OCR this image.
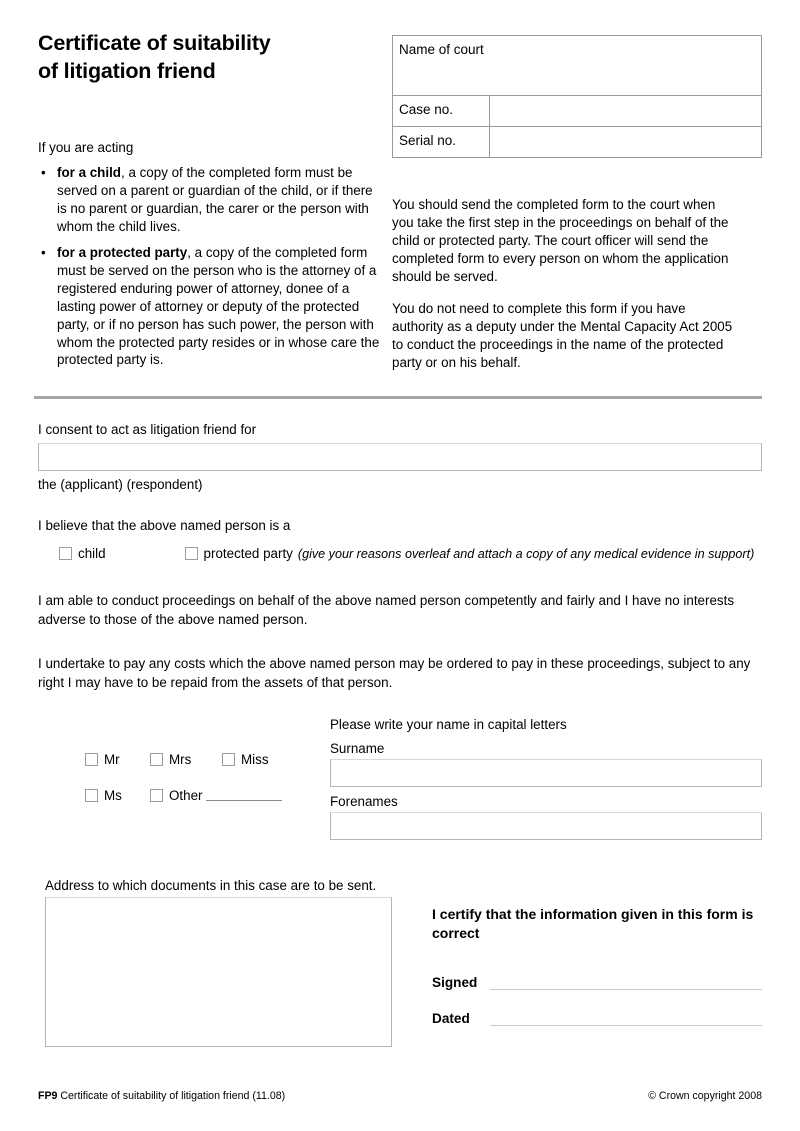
Certificate of suitability
of litigation friend
Name of court
Case no.
Serial no.

If you are acting

• for a child, a copy of the completed form must be served on a parent or guardian of the child, or if there is no parent or guardian, the carer or the person with whom the child lives.
• for a protected party, a copy of the completed form must be served on the person who is the attorney of a registered enduring power of attorney, donee of a lasting power of attorney or deputy of the protected party, or if no person has such power, the person with whom the protected party resides or in whose care the protected party is.

You should send the completed form to the court when you take the first step in the proceedings on behalf of the child or protected party. The court officer will send the completed form to every person on whom the application should be served.

You do not need to complete this form if you have authority as a deputy under the Mental Capacity Act 2005 to conduct the proceedings in the name of the protected party or on his behalf.

I consent to act as litigation friend for
the (applicant) (respondent)
I believe that the above named person is a
child	protected party (give your reasons overleaf and attach a copy of any medical evidence in support)
I am able to conduct proceedings on behalf of the above named person competently and fairly and I have no interests adverse to those of the above named person.
I undertake to pay any costs which the above named person may be ordered to pay in these proceedings, subject to any right I may have to be repaid from the assets of that person.
Mr	Mrs	Miss
Ms	Other
Please write your name in capital letters
Surname
Forenames
Address to which documents in this case are to be sent.
I certify that the information given in this form is correct
Signed
Dated
FP9 Certificate of suitability of litigation friend (11.08)	© Crown copyright 2008
